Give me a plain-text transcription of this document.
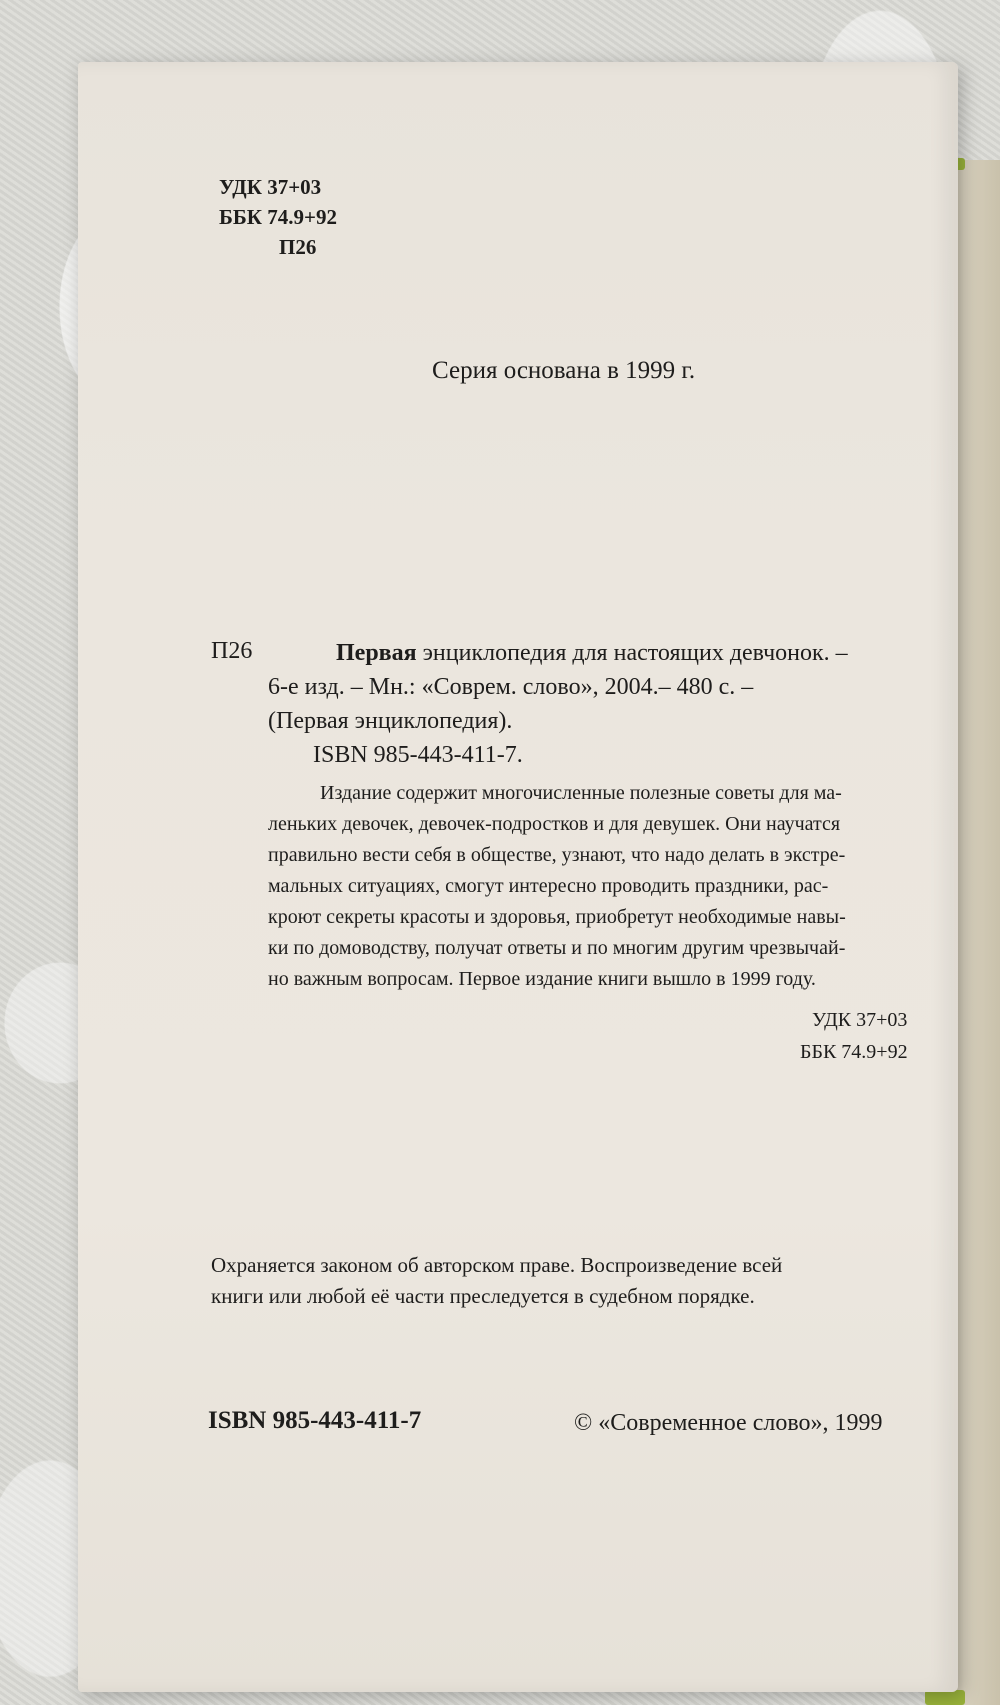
УДК 37+03

ББК 74.9+92

П26

Серия основана в 1999 г.

П26	Первая энциклопедия для настоящих девчонок. –

6-е изд. – Мн.: «Соврем. слово», 2004.– 480 с. –

(Первая энциклопедия).

ISBN 985-443-411-7.

Издание содержит многочисленные полезные советы для ма-

леньких девочек, девочек-подростков и для девушек. Они научатся

правильно вести себя в обществе, узнают, что надо делать в экстре-

мальных ситуациях, смогут интересно проводить праздники, рас-

кроют секреты красоты и здоровья, приобретут необходимые навы-

ки по домоводству, получат ответы и по многим другим чрезвычай-

но важным вопросам. Первое издание книги вышло в 1999 году.

УДК 37+03

ББК 74.9+92

Охраняется законом об авторском праве. Воспроизведение всей

книги или любой её части преследуется в судебном порядке.

ISBN 985-443-411-7	© «Современное слово», 1999
